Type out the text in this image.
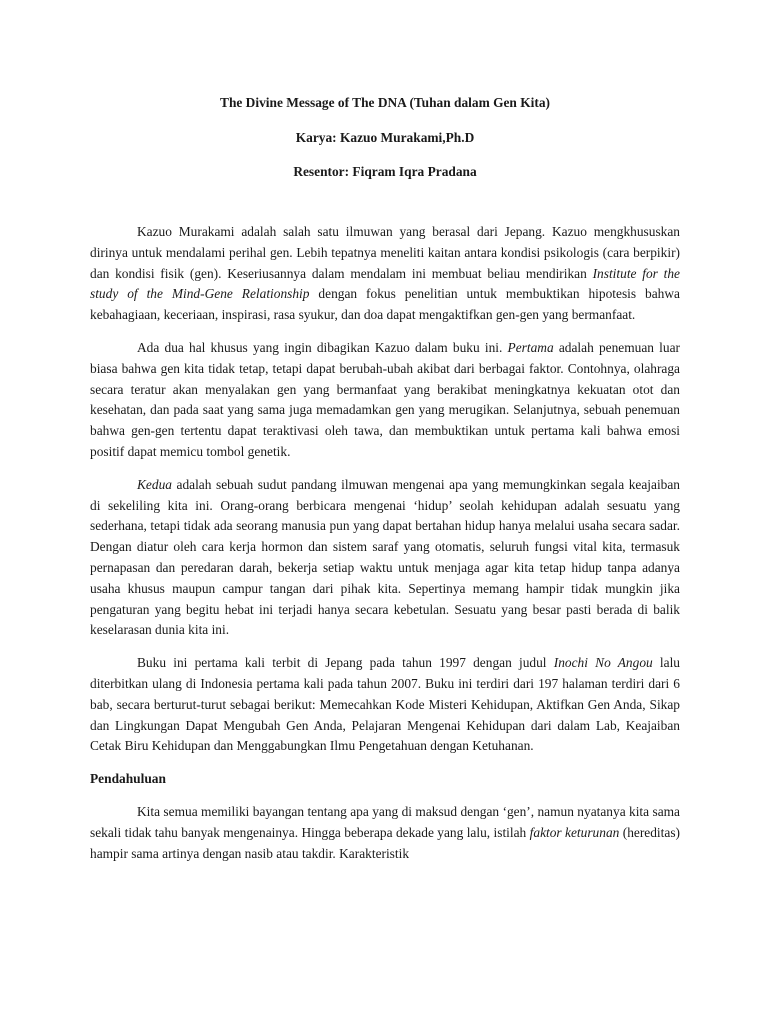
The Divine Message of The DNA (Tuhan dalam Gen Kita)

Karya: Kazuo Murakami,Ph.D

Resentor: Fiqram Iqra Pradana

Kazuo Murakami adalah salah satu ilmuwan yang berasal dari Jepang. Kazuo mengkhususkan dirinya untuk mendalami perihal gen. Lebih tepatnya meneliti kaitan antara kondisi psikologis (cara berpikir) dan kondisi fisik (gen). Keseriusannya dalam mendalam ini membuat beliau mendirikan Institute for the study of the Mind-Gene Relationship dengan fokus penelitian untuk membuktikan hipotesis bahwa kebahagiaan, keceriaan, inspirasi, rasa syukur, dan doa dapat mengaktifkan gen-gen yang bermanfaat.

Ada dua hal khusus yang ingin dibagikan Kazuo dalam buku ini. Pertama adalah penemuan luar biasa bahwa gen kita tidak tetap, tetapi dapat berubah-ubah akibat dari berbagai faktor. Contohnya, olahraga secara teratur akan menyalakan gen yang bermanfaat yang berakibat meningkatnya kekuatan otot dan kesehatan, dan pada saat yang sama juga memadamkan gen yang merugikan. Selanjutnya, sebuah penemuan bahwa gen-gen tertentu dapat teraktivasi oleh tawa, dan membuktikan untuk pertama kali bahwa emosi positif dapat memicu tombol genetik.

Kedua adalah sebuah sudut pandang ilmuwan mengenai apa yang memungkinkan segala keajaiban di sekeliling kita ini. Orang-orang berbicara mengenai ‘hidup’ seolah kehidupan adalah sesuatu yang sederhana, tetapi tidak ada seorang manusia pun yang dapat bertahan hidup hanya melalui usaha secara sadar. Dengan diatur oleh cara kerja hormon dan sistem saraf yang otomatis, seluruh fungsi vital kita, termasuk pernapasan dan peredaran darah, bekerja setiap waktu untuk menjaga agar kita tetap hidup tanpa adanya usaha khusus maupun campur tangan dari pihak kita. Sepertinya memang hampir tidak mungkin jika pengaturan yang begitu hebat ini terjadi hanya secara kebetulan. Sesuatu yang besar pasti berada di balik keselarasan dunia kita ini.

Buku ini pertama kali terbit di Jepang pada tahun 1997 dengan judul Inochi No Angou lalu diterbitkan ulang di Indonesia pertama kali pada tahun 2007. Buku ini terdiri dari 197 halaman terdiri dari 6 bab, secara berturut-turut sebagai berikut: Memecahkan Kode Misteri Kehidupan, Aktifkan Gen Anda, Sikap dan Lingkungan Dapat Mengubah Gen Anda, Pelajaran Mengenai Kehidupan dari dalam Lab, Keajaiban Cetak Biru Kehidupan dan Menggabungkan Ilmu Pengetahuan dengan Ketuhanan.

Pendahuluan

Kita semua memiliki bayangan tentang apa yang di maksud dengan ‘gen’, namun nyatanya kita sama sekali tidak tahu banyak mengenainya. Hingga beberapa dekade yang lalu, istilah faktor keturunan (hereditas) hampir sama artinya dengan nasib atau takdir. Karakteristik
